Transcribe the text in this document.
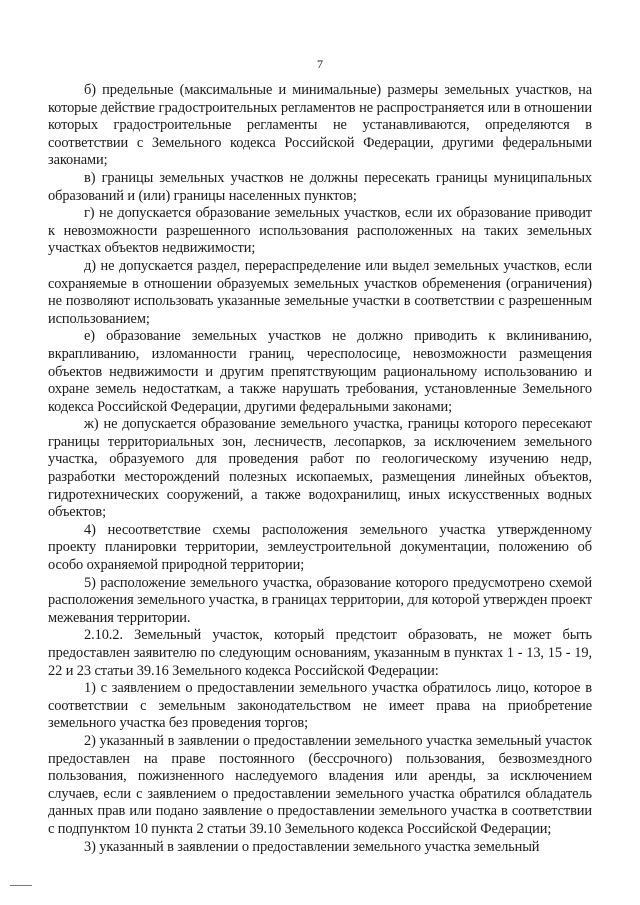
7

б) предельные (максимальные и минимальные) размеры земельных участков, на которые действие градостроительных регламентов не распространяется или в отношении которых градостроительные регламенты не устанавливаются, определяются в соответствии с Земельного кодекса Российской Федерации, другими федеральными законами;

в) границы земельных участков не должны пересекать границы муниципальных образований и (или) границы населенных пунктов;

г) не допускается образование земельных участков, если их образование приводит к невозможности разрешенного использования расположенных на таких земельных участках объектов недвижимости;

д) не допускается раздел, перераспределение или выдел земельных участков, если сохраняемые в отношении образуемых земельных участков обременения (ограничения) не позволяют использовать указанные земельные участки в соответствии с разрешенным использованием;

е) образование земельных участков не должно приводить к вклиниванию, вкрапливанию, изломанности границ, чересполосице, невозможности размещения объектов недвижимости и другим препятствующим рациональному использованию и охране земель недостаткам, а также нарушать требования, установленные Земельного кодекса Российской Федерации, другими федеральными законами;

ж) не допускается образование земельного участка, границы которого пересекают границы территориальных зон, лесничеств, лесопарков, за исключением земельного участка, образуемого для проведения работ по геологическому изучению недр, разработки месторождений полезных ископаемых, размещения линейных объектов, гидротехнических сооружений, а также водохранилищ, иных искусственных водных объектов;

4) несоответствие схемы расположения земельного участка утвержденному проекту планировки территории, землеустроительной документации, положению об особо охраняемой природной территории;

5) расположение земельного участка, образование которого предусмотрено схемой расположения земельного участка, в границах территории, для которой утвержден проект межевания территории.

2.10.2. Земельный участок, который предстоит образовать, не может быть предоставлен заявителю по следующим основаниям, указанным в пунктах 1 - 13, 15 - 19, 22 и 23 статьи 39.16 Земельного кодекса Российской Федерации:

1) с заявлением о предоставлении земельного участка обратилось лицо, которое в соответствии с земельным законодательством не имеет права на приобретение земельного участка без проведения торгов;

2) указанный в заявлении о предоставлении земельного участка земельный участок предоставлен на праве постоянного (бессрочного) пользования, безвозмездного пользования, пожизненного наследуемого владения или аренды, за исключением случаев, если с заявлением о предоставлении земельного участка обратился обладатель данных прав или подано заявление о предоставлении земельного участка в соответствии с подпунктом 10 пункта 2 статьи 39.10 Земельного кодекса Российской Федерации;

3) указанный в заявлении о предоставлении земельного участка земельный
